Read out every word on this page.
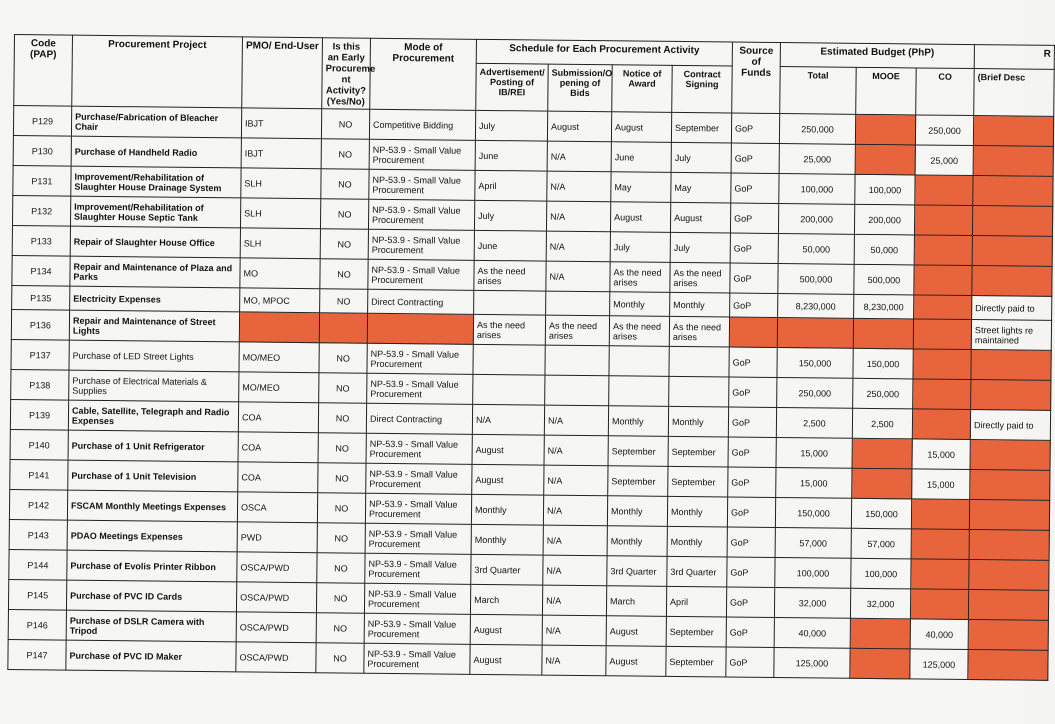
Code (PAP)	Procurement Project	PMO/ End-User	Is this an Early Procureme nt Activity? (Yes/No)	Mode of Procurement	Schedule for Each Procurement Activity				Source of Funds	Estimated Budget (PhP)			R
					Advertisement/ Posting of IB/REI	Submission/O pening of Bids	Notice of Award	Contract Signing		Total	MOOE	CO	(Brief Desc
P129	Purchase/Fabrication of Bleacher Chair	IBJT	NO	Competitive Bidding	July	August	August	September	GoP	250,000		250,000	
P130	Purchase of Handheld Radio	IBJT	NO	NP-53.9 - Small Value Procurement	June	N/A	June	July	GoP	25,000		25,000	
P131	Improvement/Rehabilitation of Slaughter House Drainage System	SLH	NO	NP-53.9 - Small Value Procurement	April	N/A	May	May	GoP	100,000	100,000		
P132	Improvement/Rehabilitation of Slaughter House Septic Tank	SLH	NO	NP-53.9 - Small Value Procurement	July	N/A	August	August	GoP	200,000	200,000		
P133	Repair of Slaughter House Office	SLH	NO	NP-53.9 - Small Value Procurement	June	N/A	July	July	GoP	50,000	50,000		
P134	Repair and Maintenance of Plaza and Parks	MO	NO	NP-53.9 - Small Value Procurement	As the need arises	N/A	As the need arises	As the need arises	GoP	500,000	500,000		
P135	Electricity Expenses	MO, MPOC	NO	Direct Contracting			Monthly	Monthly	GoP	8,230,000	8,230,000		Directly paid to
P136	Repair and Maintenance of Street Lights				As the need arises	As the need arises	As the need arises	As the need arises					Street lights re maintained
P137	Purchase of LED Street Lights	MO/MEO	NO	NP-53.9 - Small Value Procurement					GoP	150,000	150,000		
P138	Purchase of Electrical Materials & Supplies	MO/MEO	NO	NP-53.9 - Small Value Procurement					GoP	250,000	250,000		
P139	Cable, Satellite, Telegraph and Radio Expenses	COA	NO	Direct Contracting	N/A	N/A	Monthly	Monthly	GoP	2,500	2,500		Directly paid to
P140	Purchase of 1 Unit Refrigerator	COA	NO	NP-53.9 - Small Value Procurement	August	N/A	September	September	GoP	15,000		15,000	
P141	Purchase of 1 Unit Television	COA	NO	NP-53.9 - Small Value Procurement	August	N/A	September	September	GoP	15,000		15,000	
P142	FSCAM Monthly Meetings Expenses	OSCA	NO	NP-53.9 - Small Value Procurement	Monthly	N/A	Monthly	Monthly	GoP	150,000	150,000		
P143	PDAO Meetings Expenses	PWD	NO	NP-53.9 - Small Value Procurement	Monthly	N/A	Monthly	Monthly	GoP	57,000	57,000		
P144	Purchase of Evolis Printer Ribbon	OSCA/PWD	NO	NP-53.9 - Small Value Procurement	3rd Quarter	N/A	3rd Quarter	3rd Quarter	GoP	100,000	100,000		
P145	Purchase of PVC ID Cards	OSCA/PWD	NO	NP-53.9 - Small Value Procurement	March	N/A	March	April	GoP	32,000	32,000		
P146	Purchase of DSLR Camera with Tripod	OSCA/PWD	NO	NP-53.9 - Small Value Procurement	August	N/A	August	September	GoP	40,000		40,000	
P147	Purchase of PVC ID Maker	OSCA/PWD	NO	NP-53.9 - Small Value Procurement	August	N/A	August	September	GoP	125,000		125,000	
